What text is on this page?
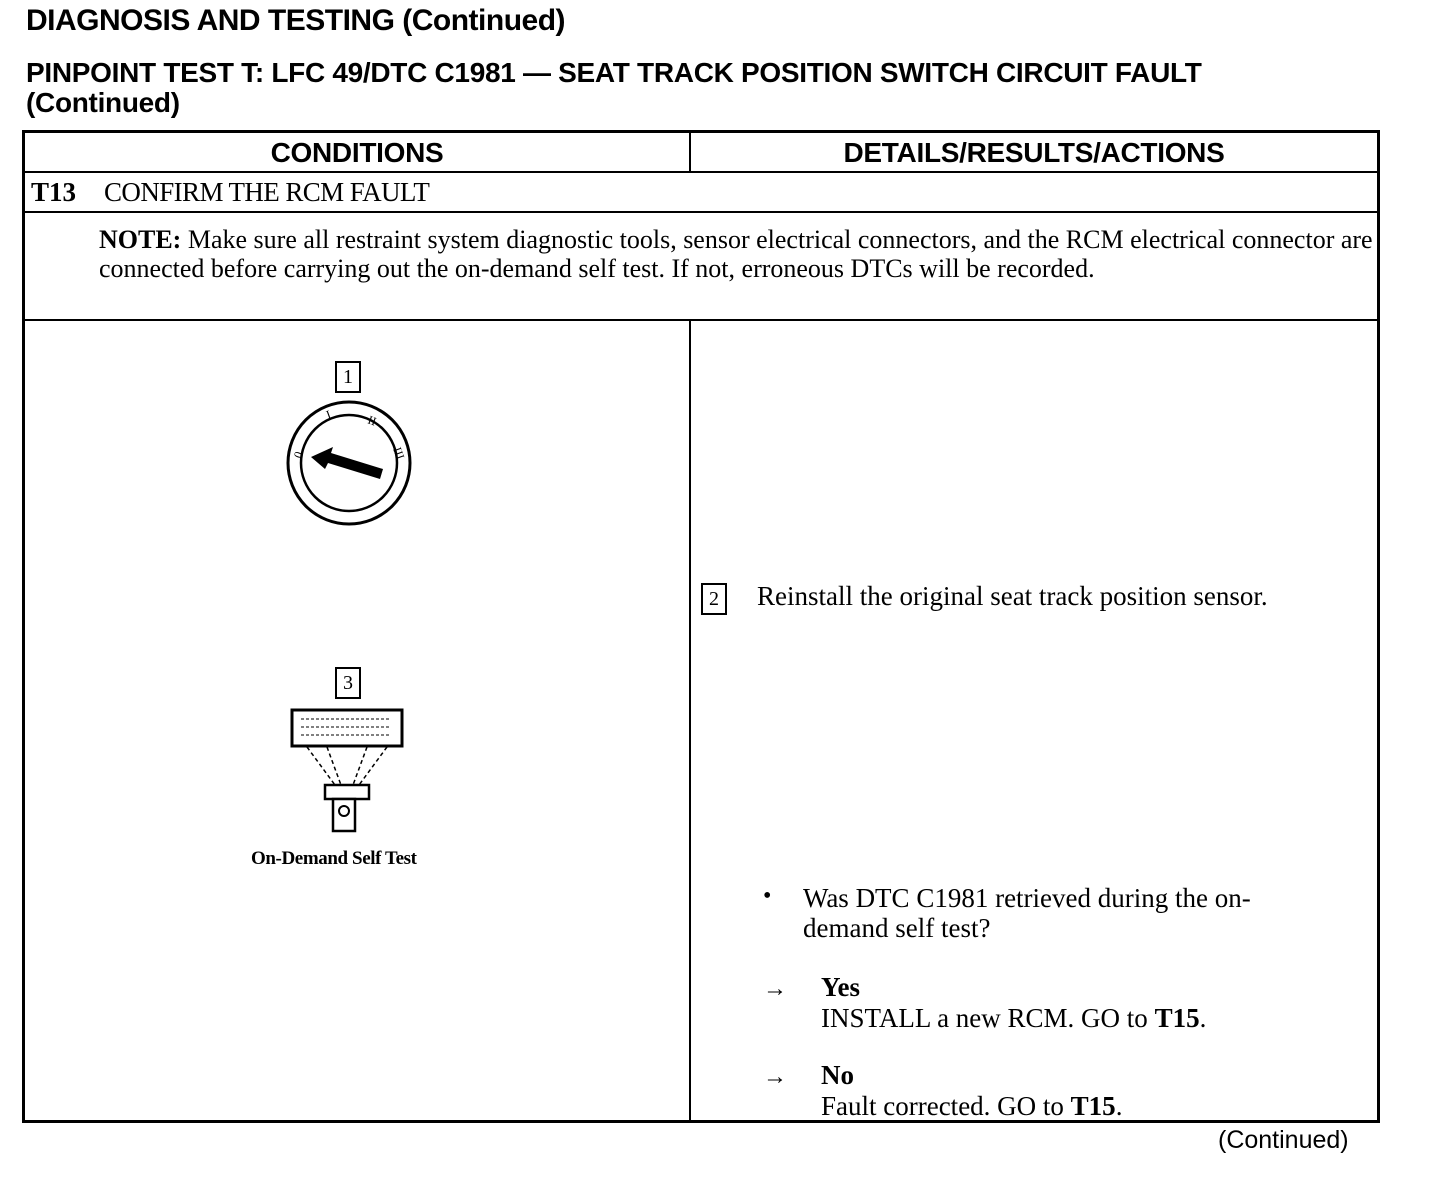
DIAGNOSIS AND TESTING (Continued)
PINPOINT TEST T: LFC 49/DTC C1981 — SEAT TRACK POSITION SWITCH CIRCUIT FAULT
(Continued)
CONDITIONS	DETAILS/RESULTS/ACTIONS
T13 CONFIRM THE RCM FAULT
NOTE: Make sure all restraint system diagnostic tools, sensor electrical connectors, and the RCM electrical connector are connected before carrying out the on-demand self test. If not, erroneous DTCs will be recorded.
1
0
I	II
III
2
3
On-Demand Self Test
Reinstall the original seat track position sensor.
• Was DTC C1981 retrieved during the on-demand self test?
→ Yes
INSTALL a new RCM. GO to T15.
→ No
Fault corrected. GO to T15.
(Continued)
